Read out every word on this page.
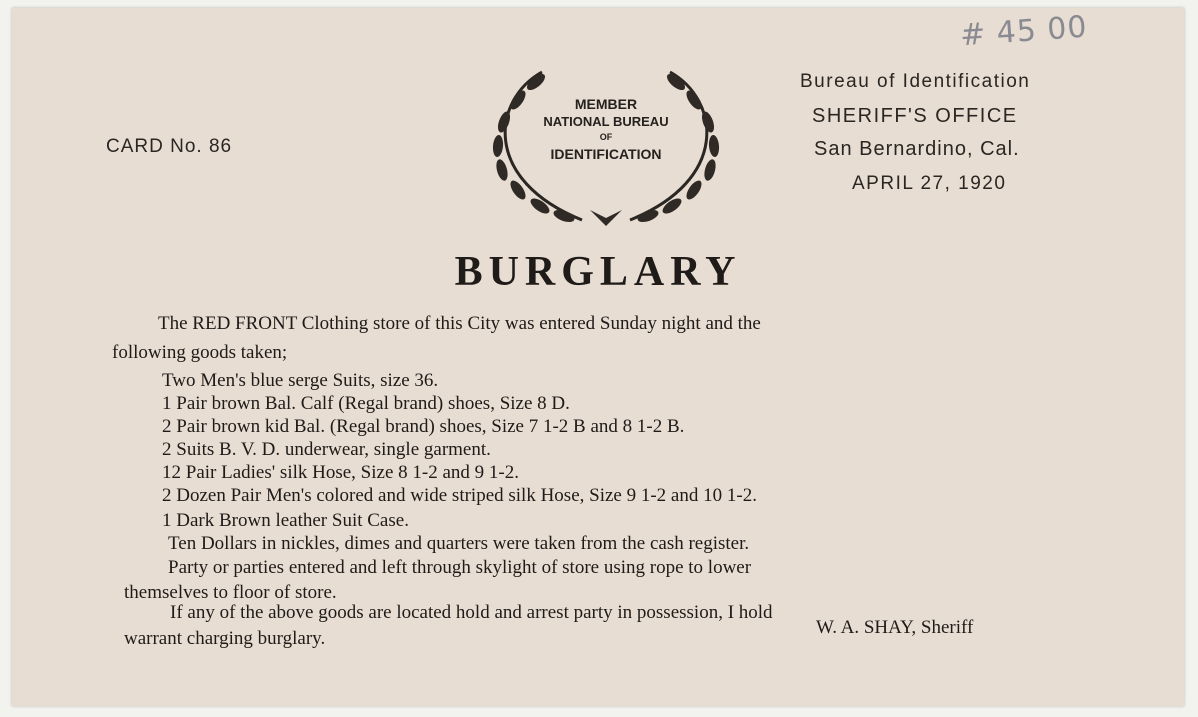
# 45 00
CARD No. 86
MEMBER
NATIONAL BUREAU
OF
IDENTIFICATION
Bureau of Identification
SHERIFF'S OFFICE
San Bernardino, Cal.
APRIL 27, 1920
BURGLARY
The RED FRONT Clothing store of this City was entered Sunday night and the
following goods taken;
Two Men's blue serge Suits, size 36.
1 Pair brown Bal. Calf (Regal brand) shoes, Size 8 D.
2 Pair brown kid Bal. (Regal brand) shoes, Size 7 1-2 B and 8 1-2 B.
2 Suits B. V. D. underwear, single garment.
12 Pair Ladies' silk Hose, Size 8 1-2 and 9 1-2.
2 Dozen Pair Men's colored and wide striped silk Hose, Size 9 1-2 and 10 1-2.
1 Dark Brown leather Suit Case.
Ten Dollars in nickles, dimes and quarters were taken from the cash register.
Party or parties entered and left through skylight of store using rope to lower
themselves to floor of store.
If any of the above goods are located hold and arrest party in possession, I hold
warrant charging burglary.
W. A. SHAY, Sheriff
